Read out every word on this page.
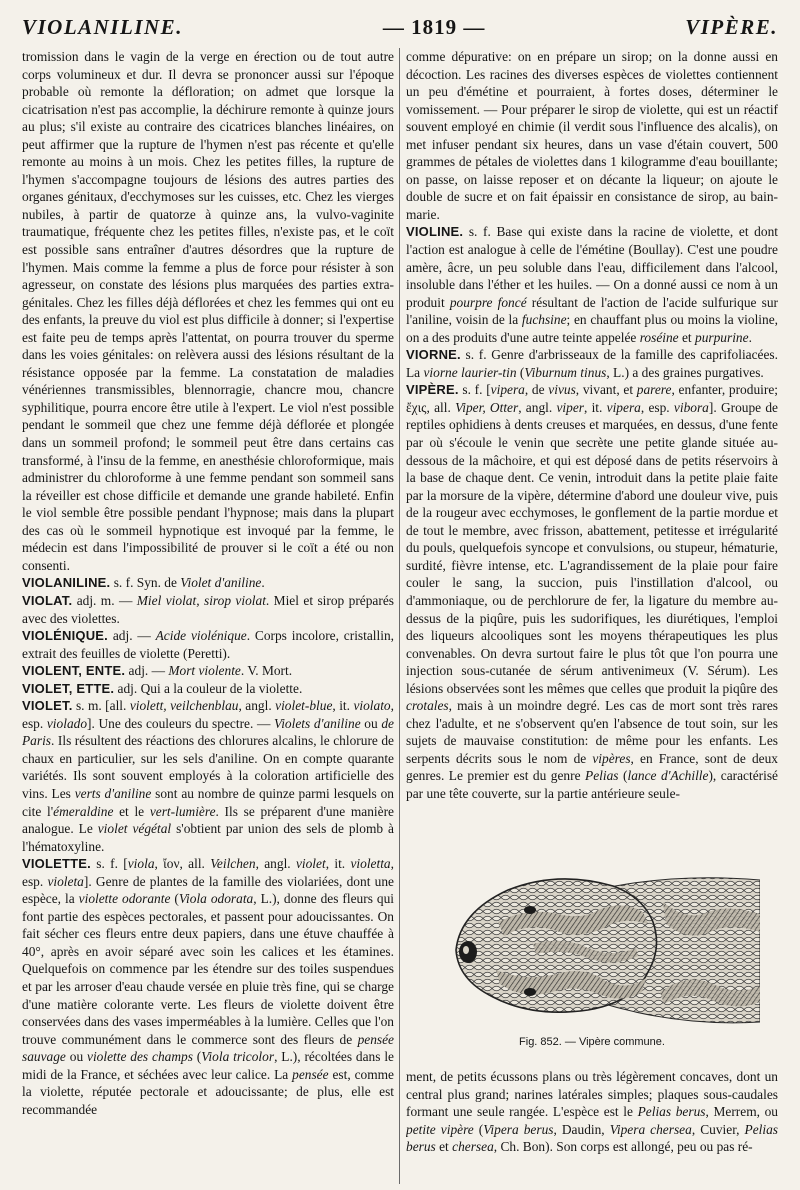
VIOLANILINE.	— 1819 —	VIPÈRE.

tromission dans le vagin de la verge en érection ou de tout autre corps volumineux et dur. Il devra se prononcer aussi sur l'époque probable où remonte la défloration; on admet que lorsque la cicatrisation n'est pas accomplie, la déchirure remonte à quinze jours au plus; s'il existe au contraire des cicatrices blanches linéaires, on peut affirmer que la rupture de l'hymen n'est pas récente et qu'elle remonte au moins à un mois. Chez les petites filles, la rupture de l'hymen s'accompagne toujours de lésions des autres parties des organes génitaux, d'ecchymoses sur les cuisses, etc. Chez les vierges nubiles, à partir de quatorze à quinze ans, la vulvo-vaginite traumatique, fréquente chez les petites filles, n'existe pas, et le coït est possible sans entraîner d'autres désordres que la rupture de l'hymen. Mais comme la femme a plus de force pour résister à son agresseur, on constate des lésions plus marquées des parties extra-génitales. Chez les filles déjà déflorées et chez les femmes qui ont eu des enfants, la preuve du viol est plus difficile à donner; si l'expertise est faite peu de temps après l'attentat, on pourra trouver du sperme dans les voies génitales: on relèvera aussi des lésions résultant de la résistance opposée par la femme. La constatation de maladies vénériennes transmissibles, blennorragie, chancre mou, chancre syphilitique, pourra encore être utile à l'expert. Le viol n'est possible pendant le sommeil que chez une femme déjà déflorée et plongée dans un sommeil profond; le sommeil peut être dans certains cas transformé, à l'insu de la femme, en anesthésie chloroformique, mais administrer du chloroforme à une femme pendant son sommeil sans la réveiller est chose difficile et demande une grande habileté. Enfin le viol semble être possible pendant l'hypnose; mais dans la plupart des cas où le sommeil hypnotique est invoqué par la femme, le médecin est dans l'impossibilité de prouver si le coït a été ou non consenti.

VIOLANILINE. s. f. Syn. de Violet d'aniline.

VIOLAT. adj. m. — Miel violat, sirop violat. Miel et sirop préparés avec des violettes.

VIOLÉNIQUE. adj. — Acide violénique. Corps incolore, cristallin, extrait des feuilles de violette (Peretti).

VIOLENT, ENTE. adj. — Mort violente. V. Mort.

VIOLET, ETTE. adj. Qui a la couleur de la violette.

VIOLET. s. m. [all. violett, veilchenblau, angl. violet-blue, it. violato, esp. violado]. Une des couleurs du spectre. — Violets d'aniline ou de Paris. Ils résultent des réactions des chlorures alcalins, le chlorure de chaux en particulier, sur les sels d'aniline. On en compte quarante variétés. Ils sont souvent employés à la coloration artificielle des vins. Les verts d'aniline sont au nombre de quinze parmi lesquels on cite l'émeraldine et le vert-lumière. Ils se préparent d'une manière analogue. Le violet végétal s'obtient par union des sels de plomb à l'hématoxyline.

VIOLETTE. s. f. [viola, ἴον, all. Veilchen, angl. violet, it. violetta, esp. violeta]. Genre de plantes de la famille des violariées, dont une espèce, la violette odorante (Viola odorata, L.), donne des fleurs qui font partie des espèces pectorales, et passent pour adoucissantes. On fait sécher ces fleurs entre deux papiers, dans une étuve chauffée à 40°, après en avoir séparé avec soin les calices et les étamines. Quelquefois on commence par les étendre sur des toiles suspendues et par les arroser d'eau chaude versée en pluie très fine, qui se charge d'une matière colorante verte. Les fleurs de violette doivent être conservées dans des vases imperméables à la lumière. Celles que l'on trouve communément dans le commerce sont des fleurs de pensée sauvage ou violette des champs (Viola tricolor, L.), récoltées dans le midi de la France, et séchées avec leur calice. La pensée est, comme la violette, réputée pectorale et adoucissante; de plus, elle est recommandée

comme dépurative: on en prépare un sirop; on la donne aussi en décoction. Les racines des diverses espèces de violettes contiennent un peu d'émétine et pourraient, à fortes doses, déterminer le vomissement. — Pour préparer le sirop de violette, qui est un réactif souvent employé en chimie (il verdit sous l'influence des alcalis), on met infuser pendant six heures, dans un vase d'étain couvert, 500 grammes de pétales de violettes dans 1 kilogramme d'eau bouillante; on passe, on laisse reposer et on décante la liqueur; on ajoute le double de sucre et on fait épaissir en consistance de sirop, au bain-marie.

VIOLINE. s. f. Base qui existe dans la racine de violette, et dont l'action est analogue à celle de l'émétine (Boullay). C'est une poudre amère, âcre, un peu soluble dans l'eau, difficilement dans l'alcool, insoluble dans l'éther et les huiles. — On a donné aussi ce nom à un produit pourpre foncé résultant de l'action de l'acide sulfurique sur l'aniline, voisin de la fuchsine; en chauffant plus ou moins la violine, on a des produits d'une autre teinte appelée roséine et purpurine.

VIORNE. s. f. Genre d'arbrisseaux de la famille des caprifoliacées. La viorne laurier-tin (Viburnum tinus, L.) a des graines purgatives.

VIPÈRE. s. f. [vipera, de vivus, vivant, et parere, enfanter, produire; ἔχις, all. Viper, Otter, angl. viper, it. vipera, esp. vibora]. Groupe de reptiles ophidiens à dents creuses et marquées, en dessus, d'une fente par où s'écoule le venin que secrète une petite glande située au-dessous de la mâchoire, et qui est déposé dans de petits réservoirs à la base de chaque dent. Ce venin, introduit dans la petite plaie faite par la morsure de la vipère, détermine d'abord une douleur vive, puis de la rougeur avec ecchymoses, le gonflement de la partie mordue et de tout le membre, avec frisson, abattement, petitesse et irrégularité du pouls, quelquefois syncope et convulsions, ou stupeur, hématurie, surdité, fièvre intense, etc. L'agrandissement de la plaie pour faire couler le sang, la succion, puis l'instillation d'alcool, ou d'ammoniaque, ou de perchlorure de fer, la ligature du membre au-dessus de la piqûre, puis les sudorifiques, les diurétiques, l'emploi des liqueurs alcooliques sont les moyens thérapeutiques les plus convenables. On devra surtout faire le plus tôt que l'on pourra une injection sous-cutanée de sérum antivenimeux (V. Sérum). Les lésions observées sont les mêmes que celles que produit la piqûre des crotales, mais à un moindre degré. Les cas de mort sont très rares chez l'adulte, et ne s'observent qu'en l'absence de tout soin, sur les sujets de mauvaise constitution: de même pour les enfants. Les serpents décrits sous le nom de vipères, en France, sont de deux genres. Le premier est du genre Pelias (lance d'Achille), caractérisé par une tête couverte, sur la partie antérieure seule-

Fig. 852. — Vipère commune.

ment, de petits écussons plans ou très légèrement concaves, dont un central plus grand; narines latérales simples; plaques sous-caudales formant une seule rangée. L'espèce est le Pelias berus, Merrem, ou petite vipère (Vipera berus, Daudin, Vipera chersea, Cuvier, Pelias berus et chersea, Ch. Bon). Son corps est allongé, peu ou pas ré-
